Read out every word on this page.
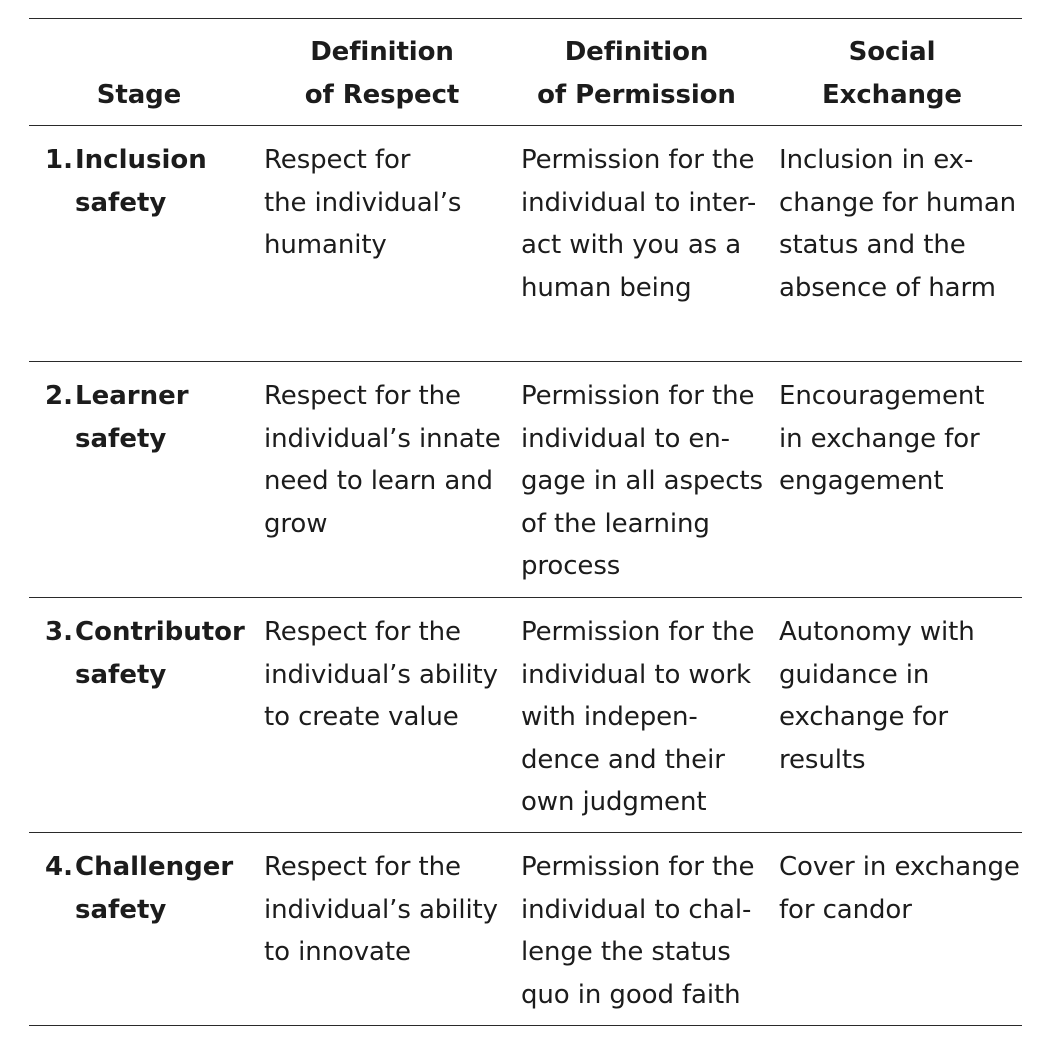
Stage
Definition
of Respect
Definition
of Permission
Social
Exchange
1. Inclusion
safety
Respect for
the individual’s
humanity
Permission for the
individual to inter-
act with you as a
human being
Inclusion in ex-
change for human
status and the
absence of harm
2. Learner
safety
Respect for the
individual’s innate
need to learn and
grow
Permission for the
individual to en-
gage in all aspects
of the learning
process
Encouragement
in exchange for
engagement
3. Contributor
safety
Respect for the
individual’s ability
to create value
Permission for the
individual to work
with indepen-
dence and their
own judgment
Autonomy with
guidance in
exchange for
results
4. Challenger
safety
Respect for the
individual’s ability
to innovate
Permission for the
individual to chal-
lenge the status
quo in good faith
Cover in exchange
for candor
